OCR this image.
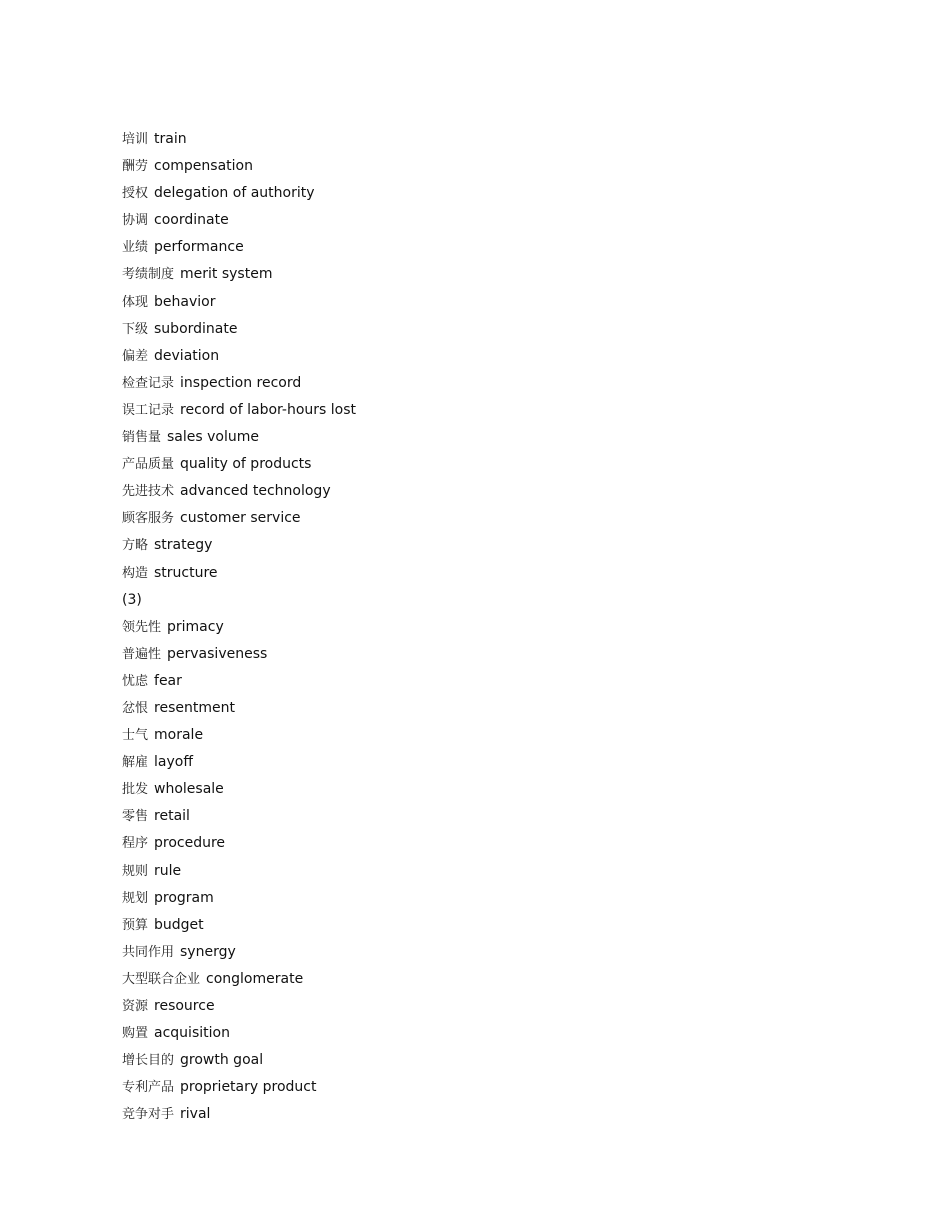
培训 train
酬劳 compensation
授权 delegation of authority
协调 coordinate
业绩 performance
考绩制度 merit system
体现 behavior
下级 subordinate
偏差 deviation
检查记录 inspection record
误工记录 record of labor-hours lost
销售量 sales volume
产品质量 quality of products
先进技术 advanced technology
顾客服务 customer service
方略 strategy
构造 structure
(3)
领先性 primacy
普遍性 pervasiveness
忧虑 fear
忿恨 resentment
士气 morale
解雇 layoff
批发 wholesale
零售 retail
程序 procedure
规则 rule
规划 program
预算 budget
共同作用 synergy
大型联合企业 conglomerate
资源 resource
购置 acquisition
增长目的 growth goal
专利产品 proprietary product
竞争对手 rival
